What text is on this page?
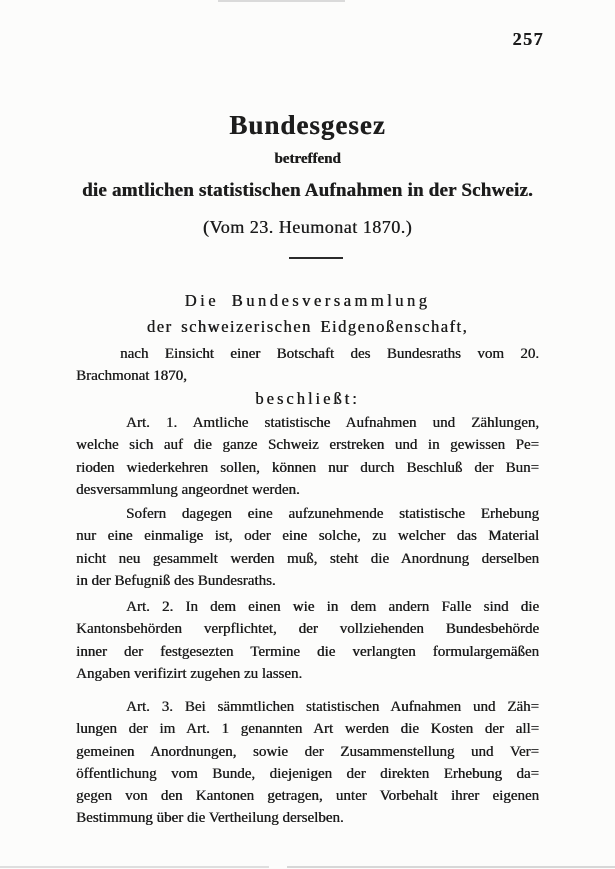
257
Bundesgesez
betreffend
die amtlichen statistischen Aufnahmen in der Schweiz.
(Vom 23. Heumonat 1870.)
Die Bundesversammlung
der schweizerischen Eidgenoßenschaft,
nach Einsicht einer Botschaft des Bundesraths vom 20.
Brachmonat 1870,
beschließt:
Art. 1. Amtliche statistische Aufnahmen und Zählungen,
welche sich auf die ganze Schweiz erstreken und in gewissen Pe=
rioden wiederkehren sollen, können nur durch Beschluß der Bun=
desversammlung angeordnet werden.
Sofern dagegen eine aufzunehmende statistische Erhebung
nur eine einmalige ist, oder eine solche, zu welcher das Material
nicht neu gesammelt werden muß, steht die Anordnung derselben
in der Befugniß des Bundesraths.
Art. 2. In dem einen wie in dem andern Falle sind die
Kantonsbehörden verpflichtet, der vollziehenden Bundesbehörde
inner der festgesezten Termine die verlangten formulargemäßen
Angaben verifizirt zugehen zu lassen.
Art. 3. Bei sämmtlichen statistischen Aufnahmen und Zäh=
lungen der im Art. 1 genannten Art werden die Kosten der all=
gemeinen Anordnungen, sowie der Zusammenstellung und Ver=
öffentlichung vom Bunde, diejenigen der direkten Erhebung da=
gegen von den Kantonen getragen, unter Vorbehalt ihrer eigenen
Bestimmung über die Vertheilung derselben.
